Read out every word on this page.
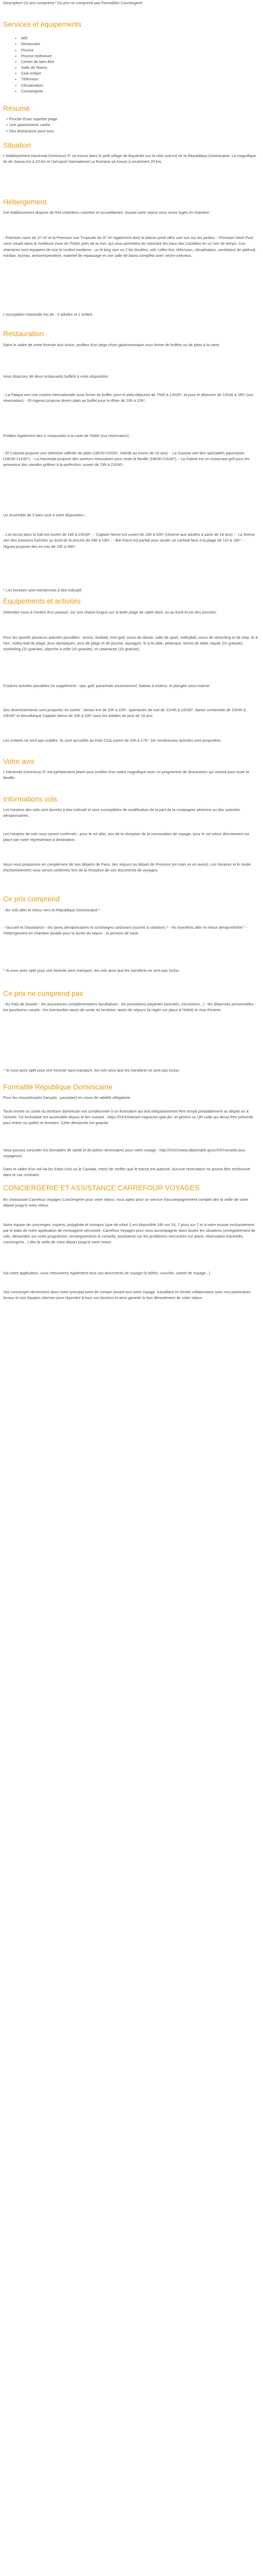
Description Ce prix comprend / Ce prix ne comprend pas Formalités Conciergerie
Services et équipements
• Wifi
• Restaurant
• Piscine
• Piscine extérieure
• Centre de bien-être
• Salle de fitness
• Club enfant
• Télévision
• Climatisation
• Conciergerie
Résumé
• Proche d'une superbe plage
• Une gastronomie variée
• Des distractions pour tous
Situation
L'établissement Hacienda Dominicus 5* se trouve dans le petit village de Bayahibe sur la côte sud-est de la République Dominicaine. La magnifique Ile de Saona est à 23 km et l'aéroport international La Romana se trouve à seulement 20 km.
Hébergement
Cet établissement dispose de 504 chambres colorées et accueillantes. Durant votre séjour vous serez logés en chambre :
- Premium room de 37 m² et la Premium vue Tropicale de 37 m² également dont le balcon privé offre une vue sur les jardins. - Premium Nivel Pool room située dans le meilleure zone de l'hôtel, près de la mer, qui vous permettra de rejoindre les eaux des Caraïbes en un rien de temps. Ces chambres sont équipées de tout le confort moderne : un lit king size ou 2 lits doubles, wifi, coffre-fort, télévision, climatisation, ventilateur de plafond, minibar, bureau, armoire/penderie, matériel de repassage et une salle de bains complète avec sèche-cheveux.
L'occupation maximale est de : 3 adultes et 1 enfant.
Restauration
Dans le cadre de votre formule tout inclus, profitez d'un large choix gastronomique sous forme de buffets ou de plats à la carte.
Vous disposez de deux restaurants buffets à votre disposition :
- La Palapa sert une cuisine internationale sous forme de buffet, pour le petit-déjeuner de 7h00 à 12h30*, et pour le déjeuner de 12h30 à 16h* (sur réservation). - El Ingenio propose divers plats au buffet pour le dîner de 19h à 22h*.
Profitez également des 6 restaurants à la carte de l'hôtel (sur réservation) :
- El Colonial propose une sélection raffinée de plats (18h30-21h30*, interdit au moins de 10 ans). - La Gaviota sert des spécialités japonaises (18h30-21h30*). - La Hacienda propose des saveurs mexicaines pour toute la famille (18h30-21h30*). - La Galeta est un restaurant grill pour les amoureux des viandes grillées à la perfection, ouvert de 19h à 21h30*.
Un ensemble de 5 bars sont à votre disposition :
- Los Arcos dans le hall est ouvert de 18h à 23h30* ; - Captain Nemo est ouvert de 23h à 02h* (réservé aux adultes à partir de 18 ans) ; - La Sirena sert des boissons fraîches au bord de la piscine de 09h à 18h* ; - Bar Parra est parfait pour siroter un cocktail face à la plage de 11h à 18h* ; - Higuey propose des en-cas de 23h à 06h*.
* Les horaires sont mentionnés à titre indicatif.
Equipements et activités
Détendez-vous à l'ombre d'un parasol, sur une chaise longue sur la belle plage de sable doré, ou au bord d'une des piscines.
Pour les sportifs plusieurs activités possibles : tennis, football, mini-golf, cours de danse, salle de sport, volleyball, cours de stretching et de step, tir à l'arc, volley-ball de plage, jeux olympiques, jeux de plage et de piscine, aquagym, tir à la cible, pétanque, tennis de table, kayak (1h gratuite), snorkeling (1h gratuite), planche à voile (1h gratuite), et catamaran (1h gratuite).
D'autres activités possibles en supplément : spa, golf, parachute ascensionnel, bateau à moteur, et plongée sous-marine.
Des divertissements sont proposés en soirée : shows live de 20h à 22h*, spectacles de nuit de 21h45 à 22h30*, danse orchestrée de 22h30 à 23h30* et discothèque Captain Nemo de 23h à 02h* pour les adultes de plus de 18 ans.
Les enfants ne sont pas oubliés. Ils sont accueillis au Kids Club ouvert de 10h à 17h*. De nombreuses activités sont proposées.
Votre avis
L'Hacienda Dominicus 5* est parfaitement placé pour profiter d'un cadre magnifique avec un programme de distractions qui mixera pour toute la famille.
Informations vols
Les horaires des vols sont donnés à titre indicatif et sont susceptibles de modification de la part de la compagnie aérienne ou des autorités aéroportuaires.
Les horaires de vols vous seront confirmés : pour le vol aller, lors de la réception de la convocation de voyage, pour le vol retour directement sur place par notre représentant à destination.
Nous vous proposons en complément de nos départs de Paris, des séjours au départ de Province (en train ou en avion). Les horaires et le mode d'acheminement vous seront confirmés lors de la réception de vos documents de voyages.
Ce prix comprend
- les vols aller et retour vers la République Dominicaine *
- l'accueil et l'assistance - les taxes aéroportuaires et surcharges carburant (soumis à variation) * - les transferts aller et retour aéroport/hôtel * - l'hébergement en chambre double pour la durée du séjour - la pension de base
* Si vous avez opté pour une formule sans transport, les vols ainsi que les transferts ne sont pas inclus.
Ce prix ne comprend pas
- les frais de dossier - les assurances complémentaires facultatives - les prestations payantes (activités, excursions...) - les dépenses personnelles - les pourboires usuels - les éventuelles taxes de sortie du territoire; taxes de séjours (à régler sur place à l'hôtel) et visa d'entrée
* Si vous avez opté pour une formule sans transport, les vols ainsi que les transferts ne sont pas inclus.
Formalité République Dominicaine
Pour les ressortissants français : passeport en cours de validité obligatoire.
Toute entrée ou sortie du territoire dominicain est conditionnée à un formulaire qui doit obligatoirement être rempli préalablement au départ ou à l'arrivée. Ce formulaire est accessible depuis le lien suivant : https://XXXXeticket.migracion.gob.do/, et génère un QR code qui devra être présenté pour entrer ou quitter le territoire. Cette démarche est gratuite.
Vous pouvez consulter les formalités de santé et de police nécessaires pour votre voyage : http://XXXXwww.diplomatie.gouv.fr/fr/conseils-aux-voyageurs/
Dans le cadre d'un vol via les Etats-Unis ou le Canada, merci de vérifier que le transit est autorisé. Aucune réservation ne pourra être remboursé dans le cas contraire.
CONCIERGERIE ET ASSISTANCE CARREFOUR VOYAGES
En choisissant Carrefour Voyages Conciergerie pour votre séjour, vous optez pour un service d'accompagnement complet dès la veille de votre départ jusqu'à votre retour.
Notre équipe de concierges, experts, polyglotte et humains (que de robot !) est disponible 24h sur 24, 7 jours sur 7 et à votre écoute exclusivement par le biais de notre application de messagerie sécurisée, Carrefour Voyages pour vous accompagner dans toutes les situations (enregistrement de vols, demandes sur votre programme, renseignements & conseils, assistance sur les problèmes rencontrés sur place, réservation d'activités, conciergerie...) dès la veille de votre départ jusqu'à votre retour.
Via notre application, vous retrouverez également tous vos documents de voyage (e-billets, voucher, carnet de voyage...)
Vos concierges deviennent alors votre principal point de contact durant tout votre voyage, travaillant en étroite collaboration avec nos partenaires locaux et nos équipes internes pour répondre à tous vos besoins et ainsi garantir le bon déroulement de votre séjour.
